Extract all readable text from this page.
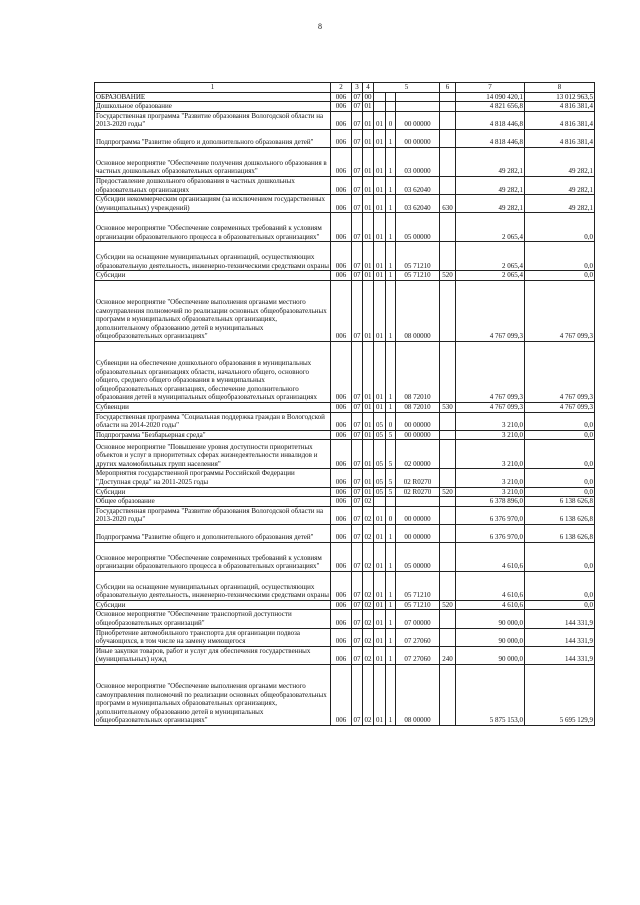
8
1	2	3	4	5			6	7	8
ОБРАЗОВАНИЕ	006	07	00					14 090 420,1	13 012 963,5
Дошкольное образование	006	07	01					4 821 656,8	4 816 381,4
Государственная программа "Развитие образования Вологодской области на 2013-2020 годы"	006	07	01	01	0	00 00000		4 818 446,8	4 816 381,4
Подпрограмма "Развитие общего и дополнительного образования детей"	006	07	01	01	1	00 00000		4 818 446,8	4 816 381,4
Основное мероприятие "Обеспечение получения дошкольного образования в частных дошкольных образовательных организациях"	006	07	01	01	1	03 00000		49 282,1	49 282,1
Предоставление дошкольного образования в частных дошкольных образовательных организациях	006	07	01	01	1	03 62040		49 282,1	49 282,1
Субсидии некоммерческим организациям (за исключением государственных (муниципальных) учреждений)	006	07	01	01	1	03 62040	630	49 282,1	49 282,1
Основное мероприятие "Обеспечение современных требований к условиям организации образовательного процесса в образовательных организациях"	006	07	01	01	1	05 00000		2 065,4	0,0
Субсидии на оснащение муниципальных организаций, осуществляющих образовательную деятельность, инженерно-техническими средствами охраны	006	07	01	01	1	05 71210		2 065,4	0,0
Субсидии	006	07	01	01	1	05 71210	520	2 065,4	0,0
Основное мероприятие "Обеспечение выполнения органами местного самоуправления полномочий по реализации основных общеобразовательных программ в муниципальных образовательных организациях, дополнительному образованию детей в муниципальных общеобразовательных организациях"	006	07	01	01	1	08 00000		4 767 099,3	4 767 099,3
Субвенции на обеспечение дошкольного образования в муниципальных образовательных организациях области, начального общего, основного общего, среднего общего образования в муниципальных общеобразовательных организациях, обеспечение дополнительного образования детей в муниципальных общеобразовательных организациях	006	07	01	01	1	08 72010		4 767 099,3	4 767 099,3
Субвенции	006	07	01	01	1	08 72010	530	4 767 099,3	4 767 099,3
Государственная программа "Социальная поддержка граждан в Вологодской области на 2014-2020 годы"	006	07	01	05	0	00 00000		3 210,0	0,0
Подпрограмма "Безбарьерная среда"	006	07	01	05	5	00 00000		3 210,0	0,0
Основное мероприятие "Повышение уровня доступности приоритетных объектов и услуг в приоритетных сферах жизнедеятельности инвалидов и других маломобильных групп населения"	006	07	01	05	5	02 00000		3 210,0	0,0
Мероприятия государственной программы Российской Федерации "Доступная среда" на 2011-2025 годы	006	07	01	05	5	02 R0270		3 210,0	0,0
Субсидии	006	07	01	05	5	02 R0270	520	3 210,0	0,0
Общее образование	006	07	02					6 378 896,0	6 138 626,8
Государственная программа "Развитие образования Вологодской области на 2013-2020 годы"	006	07	02	01	0	00 00000		6 376 970,0	6 138 626,8
Подпрограмма "Развитие общего и дополнительного образования детей"	006	07	02	01	1	00 00000		6 376 970,0	6 138 626,8
Основное мероприятие "Обеспечение современных требований к условиям организации образовательного процесса в образовательных организациях"	006	07	02	01	1	05 00000		4 610,6	0,0
Субсидии на оснащение муниципальных организаций, осуществляющих образовательную деятельность, инженерно-техническими средствами охраны	006	07	02	01	1	05 71210		4 610,6	0,0
Субсидии	006	07	02	01	1	05 71210	520	4 610,6	0,0
Основное мероприятие "Обеспечение транспортной доступности общеобразовательных организаций"	006	07	02	01	1	07 00000		90 000,0	144 331,9
Приобретение автомобильного транспорта для организации подвоза обучающихся, в том числе на замену имеющегося	006	07	02	01	1	07 27060		90 000,0	144 331,9
Иные закупки товаров, работ и услуг для обеспечения государственных (муниципальных) нужд	006	07	02	01	1	07 27060	240	90 000,0	144 331,9
Основное мероприятие "Обеспечение выполнения органами местного самоуправления полномочий по реализации основных общеобразовательных программ в муниципальных образовательных организациях, дополнительному образованию детей в муниципальных общеобразовательных организациях"	006	07	02	01	1	08 00000		5 875 153,0	5 695 129,9
